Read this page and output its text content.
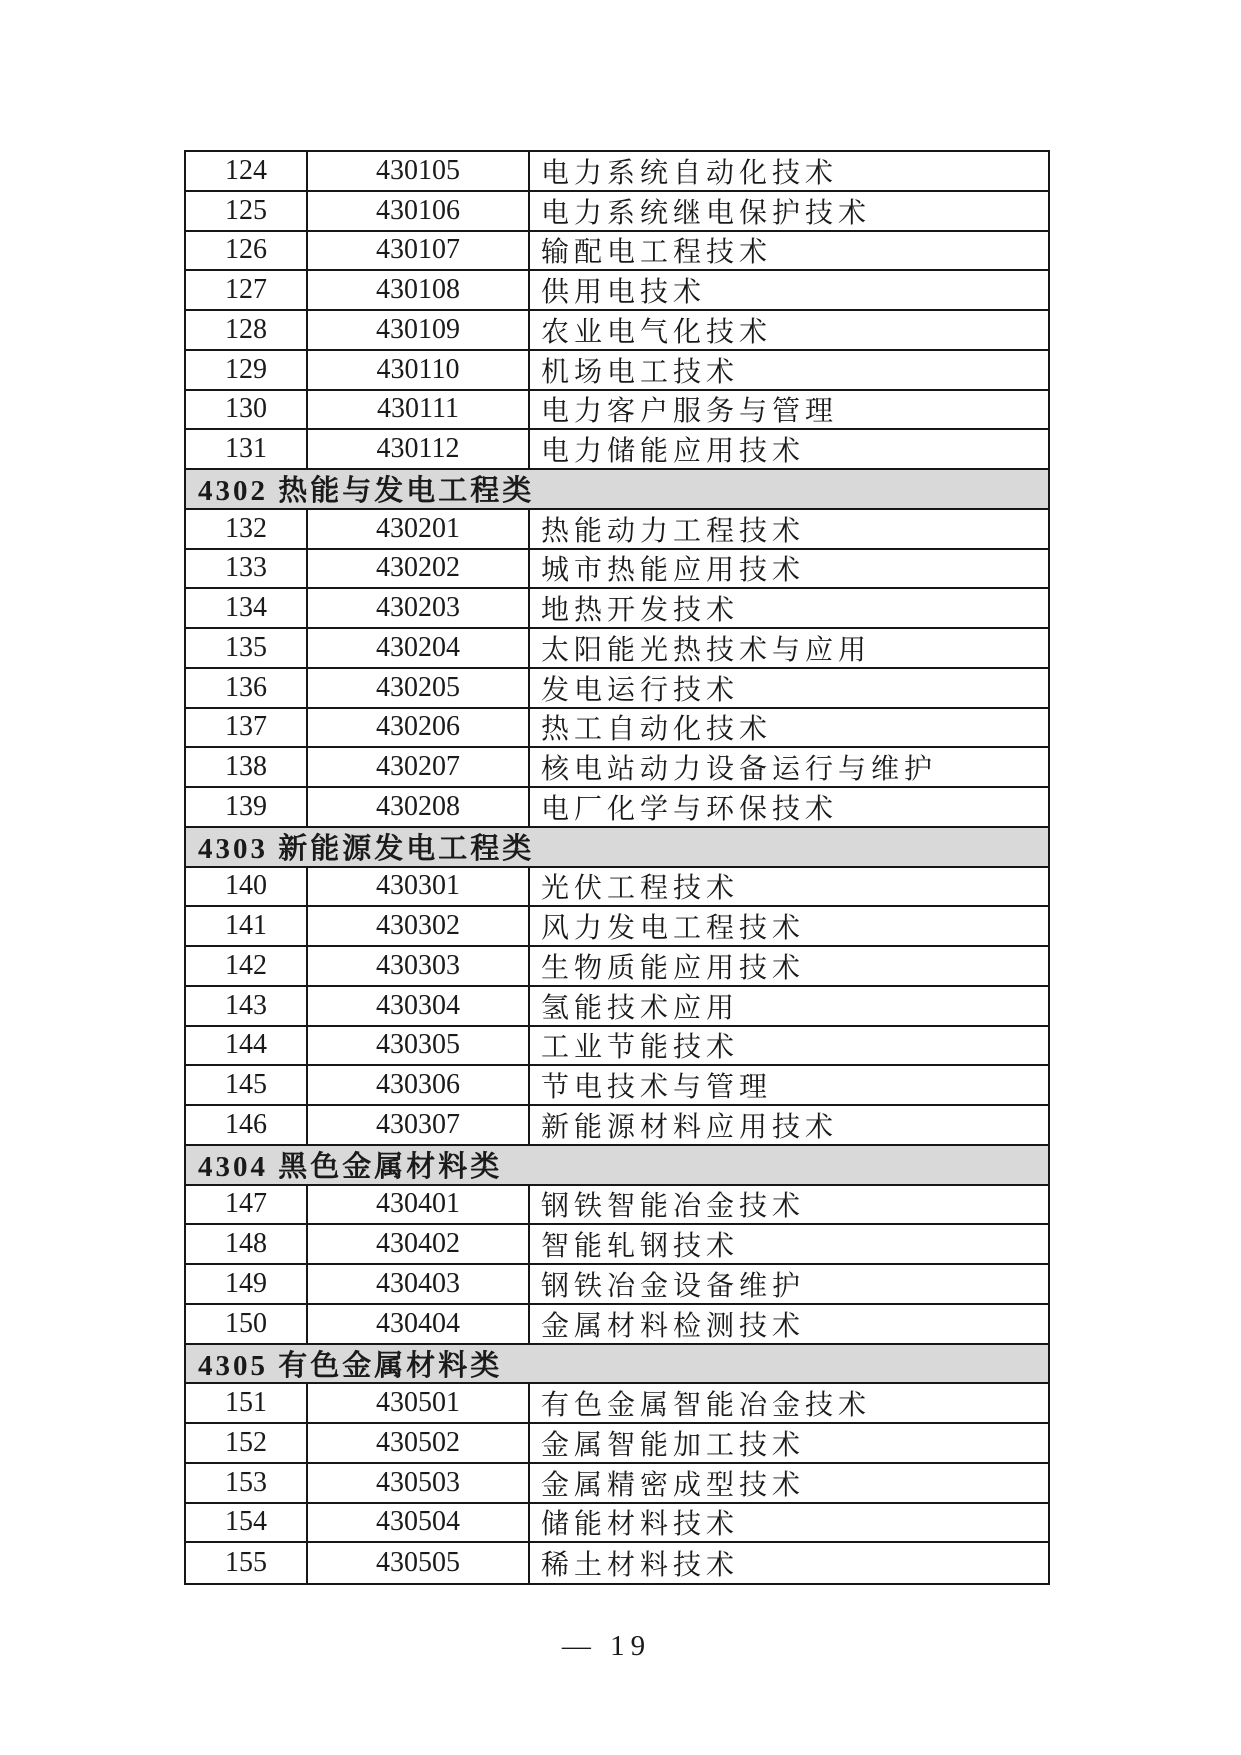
124	430105	电力系统自动化技术
125	430106	电力系统继电保护技术
126	430107	输配电工程技术
127	430108	供用电技术
128	430109	农业电气化技术
129	430110	机场电工技术
130	430111	电力客户服务与管理
131	430112	电力储能应用技术
4302 热能与发电工程类
132	430201	热能动力工程技术
133	430202	城市热能应用技术
134	430203	地热开发技术
135	430204	太阳能光热技术与应用
136	430205	发电运行技术
137	430206	热工自动化技术
138	430207	核电站动力设备运行与维护
139	430208	电厂化学与环保技术
4303 新能源发电工程类
140	430301	光伏工程技术
141	430302	风力发电工程技术
142	430303	生物质能应用技术
143	430304	氢能技术应用
144	430305	工业节能技术
145	430306	节电技术与管理
146	430307	新能源材料应用技术
4304 黑色金属材料类
147	430401	钢铁智能冶金技术
148	430402	智能轧钢技术
149	430403	钢铁冶金设备维护
150	430404	金属材料检测技术
4305 有色金属材料类
151	430501	有色金属智能冶金技术
152	430502	金属智能加工技术
153	430503	金属精密成型技术
154	430504	储能材料技术
155	430505	稀土材料技术
— 19
